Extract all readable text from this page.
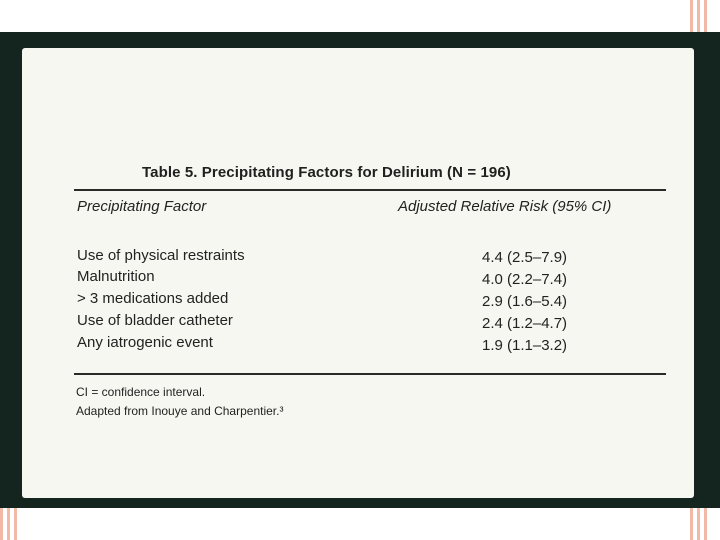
Table 5. Precipitating Factors for Delirium (N = 196)
Precipitating Factor	Adjusted Relative Risk (95% CI)
Use of physical restraints	4.4 (2.5–7.9)
Malnutrition	4.0 (2.2–7.4)
> 3 medications added	2.9 (1.6–5.4)
Use of bladder catheter	2.4 (1.2–4.7)
Any iatrogenic event	1.9 (1.1–3.2)
CI = confidence interval.
Adapted from Inouye and Charpentier.³
